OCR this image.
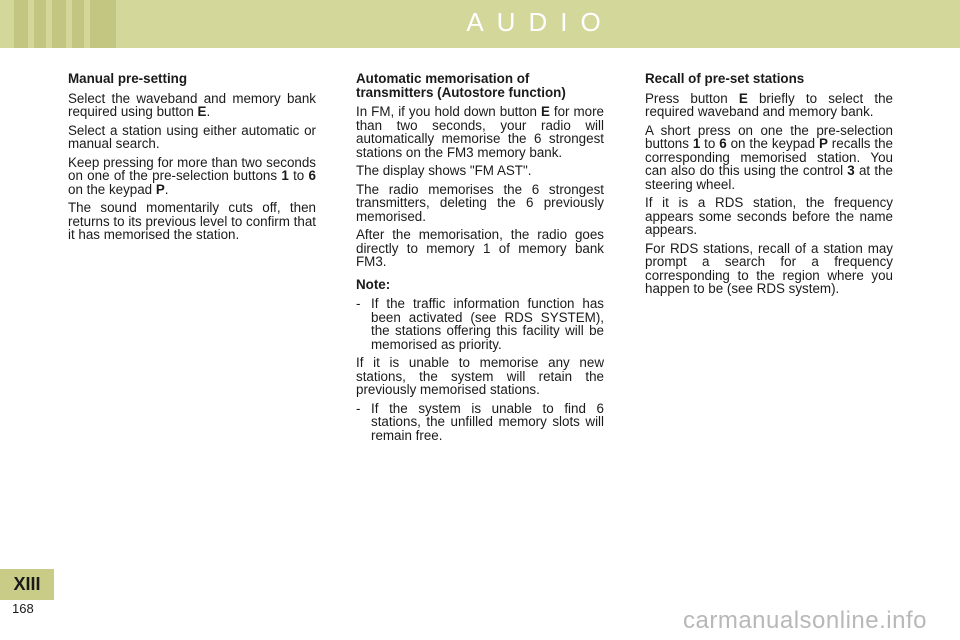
AUDIO
Manual pre-setting
Select the waveband and memory bank required using button E.
Select a station using either automatic or manual search.
Keep pressing for more than two seconds on one of the pre-selection buttons 1 to 6 on the keypad P.
The sound momentarily cuts off, then returns to its previous level to confirm that it has memorised the station.
Automatic memorisation of transmitters (Autostore function)
In FM, if you hold down button E for more than two seconds, your radio will automatically memorise the 6 strongest stations on the FM3 memory bank.
The display shows "FM AST".
The radio memorises the 6 strongest transmitters, deleting the 6 previously memorised.
After the memorisation, the radio goes directly to memory 1 of memory bank FM3.
Note:
- If the traffic information function has been activated (see RDS SYSTEM), the stations offering this facility will be memorised as priority.
If it is unable to memorise any new stations, the system will retain the previously memorised stations.
- If the system is unable to find 6 stations, the unfilled memory slots will remain free.
Recall of pre-set stations
Press button E briefly to select the required waveband and memory bank.
A short press on one the pre-selection buttons 1 to 6 on the keypad P recalls the corresponding memorised station. You can also do this using the control 3 at the steering wheel.
If it is a RDS station, the frequency appears some seconds before the name appears.
For RDS stations, recall of a station may prompt a search for a frequency corresponding to the region where you happen to be (see RDS system).
XIII
168	carmanualsonline.info
